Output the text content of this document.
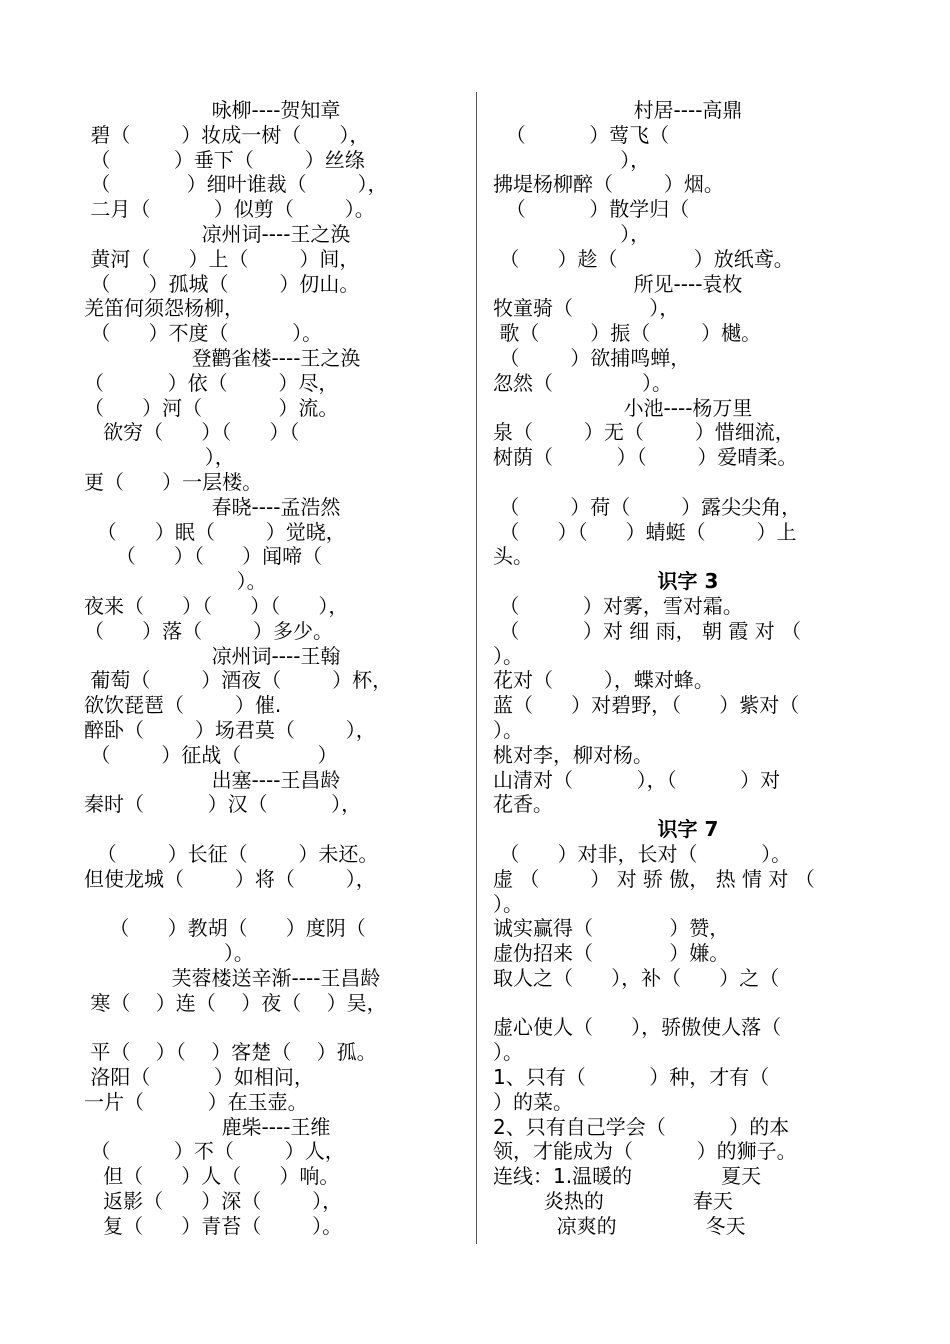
咏柳----贺知章
碧（        ）妆成一树（      ），
（          ）垂下（        ）丝绦
（            ）细叶谁裁（        ），
二月（          ）似剪（        ）。
凉州词----王之涣
黄河（      ）上（        ）间，
（      ）孤城（        ）仞山。
羌笛何须怨杨柳，
（      ）不度（          ）。
登鹳雀楼----王之涣
（          ）依（        ）尽，
（      ）河（            ）流。
欲穷（      ）（      ）（
），
更（      ）一层楼。
春晓----孟浩然
（      ）眠（        ）觉晓，
（      ）（      ）闻啼（
）。
夜来（      ）（      ）（      ），
（      ）落（        ）多少。
凉州词----王翰
葡萄（        ）酒夜（        ）杯，
欲饮琵琶（        ）催.
醉卧（        ）场君莫（        ），
（        ）征战（            ）
出塞----王昌龄
秦时（          ）汉（          ），
（        ）长征（        ）未还。
但使龙城（        ）将（        ），
（      ）教胡（      ）度阴（
）。
芙蓉楼送辛渐----王昌龄
寒（    ）连（    ）夜（    ）吴，
平（    ）（    ）客楚（    ）孤。
洛阳（          ）如相问，
一片（          ）在玉壶。
鹿柴----王维
（          ）不（        ）人，
但（      ）人（      ）响。
返影（      ）深（        ），
复（      ）青苔（        ）。
村居----高鼎
（          ）莺飞（
），
拂堤杨柳醉（        ）烟。
（          ）散学归（
），
（      ）趁（            ）放纸鸢。
所见----袁枚
牧童骑（            ），
歌（        ）振（        ）樾。
（        ）欲捕鸣蝉，
忽然（              ）。
小池----杨万里
泉（        ）无（        ）惜细流，
树荫（          ）（        ）爱晴柔。
（        ）荷（        ）露尖尖角，
（      ）（      ）蜻蜓（        ）上
头。
识字 3
（          ）对雾，雪对霜。
（          ）对 细 雨， 朝 霞 对 （
）。
花对（        ），蝶对蜂。
蓝（      ）对碧野，（      ）紫对（
）。
桃对李，柳对杨。
山清对（          ），（          ）对
花香。
识字 7
（      ）对非，长对（          ）。
虚 （        ） 对 骄 傲， 热 情 对 （
）。
诚实赢得（            ）赞，
虚伪招来（            ）嫌。
取人之（      ），补（      ）之（
虚心使人（      ），骄傲使人落（
）。
1、只有（          ）种，才有（
）的菜。
2、只有自己学会（          ）的本
领，才能成为（          ）的狮子。
连线：1.温暖的              夏天
炎热的              春天
凉爽的              冬天
